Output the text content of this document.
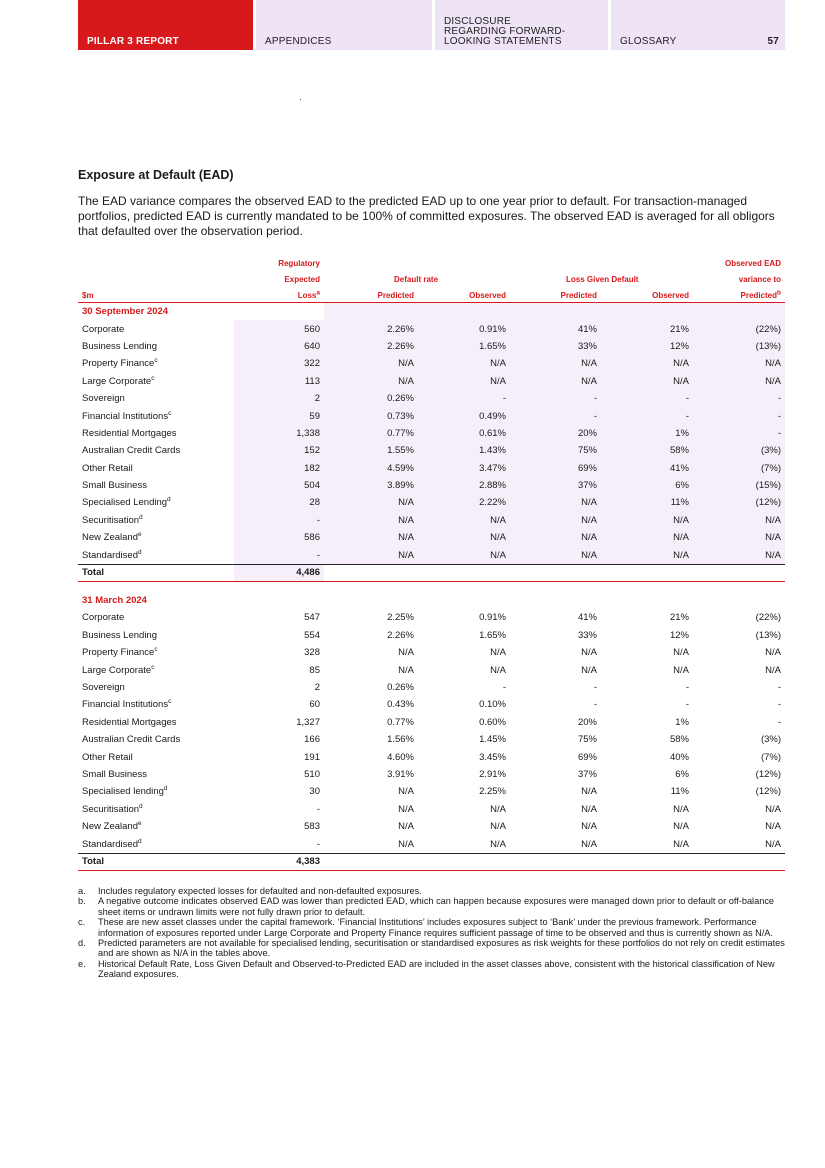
PILLAR 3 REPORT	APPENDICES
DISCLOSURE
REGARDING FORWARD-
LOOKING STATEMENTS	GLOSSARY	57
Exposure at Default (EAD)

The EAD variance compares the observed EAD to the predicted EAD up to one year prior to default. For transaction-managed portfolios, predicted EAD is currently mandated to be 100% of committed exposures. The observed EAD is averaged for all obligors that defaulted over the observation period.

	Regulatory					Observed EAD
	Expected	Default rate		Loss Given Default		variance to
$m	Loss$^a$	Predicted	Observed	Predicted	Observed	Predicted$^b$
30 September 2024						
Corporate	560	2.26%	0.91%	41%	21%	(22%)
Business Lending	640	2.26%	1.65%	33%	12%	(13%)
Property Finance$^c$	322	N/A	N/A	N/A	N/A	N/A
Large Corporate$^c$	113	N/A	N/A	N/A	N/A	N/A
Sovereign	2	0.26%	-	-	-	-
Financial Institutions$^c$	59	0.73%	0.49%	-	-	-
Residential Mortgages	1,338	0.77%	0.61%	20%	1%	-
Australian Credit Cards	152	1.55%	1.43%	75%	58%	(3%)
Other Retail	182	4.59%	3.47%	69%	41%	(7%)
Small Business	504	3.89%	2.88%	37%	6%	(15%)
Specialised Lending$^d$	28	N/A	2.22%	N/A	11%	(12%)
Securitisation$^d$	-	N/A	N/A	N/A	N/A	N/A
New Zealand$^e$	586	N/A	N/A	N/A	N/A	N/A
Standardised$^d$	-	N/A	N/A	N/A	N/A	N/A
Total	4,486					

31 March 2024						
Corporate	547	2.25%	0.91%	41%	21%	(22%)
Business Lending	554	2.26%	1.65%	33%	12%	(13%)
Property Finance$^c$	328	N/A	N/A	N/A	N/A	N/A
Large Corporate$^c$	85	N/A	N/A	N/A	N/A	N/A
Sovereign	2	0.26%	-	-	-	-
Financial Institutions$^c$	60	0.43%	0.10%	-	-	-
Residential Mortgages	1,327	0.77%	0.60%	20%	1%	-
Australian Credit Cards	166	1.56%	1.45%	75%	58%	(3%)
Other Retail	191	4.60%	3.45%	69%	40%	(7%)
Small Business	510	3.91%	2.91%	37%	6%	(12%)
Specialised lending$^d$	30	N/A	2.25%	N/A	11%	(12%)
Securitisation$^d$	-	N/A	N/A	N/A	N/A	N/A
New Zealand$^e$	583	N/A	N/A	N/A	N/A	N/A
Standardised$^d$	-	N/A	N/A	N/A	N/A	N/A
Total	4,383					
a.	Includes regulatory expected losses for defaulted and non-defaulted exposures.
b.	A negative outcome indicates observed EAD was lower than predicted EAD, which can happen because exposures were managed down prior to default or off-balance sheet items or undrawn limits were not fully drawn prior to default.
c.	These are new asset classes under the capital framework. ‘Financial Institutions’ includes exposures subject to ‘Bank’ under the previous framework. Performance information of exposures reported under Large Corporate and Property Finance requires sufficient passage of time to be observed and thus is currently shown as N/A.
d.	Predicted parameters are not available for specialised lending, securitisation or standardised exposures as risk weights for these portfolios do not rely on credit estimates and are shown as N/A in the tables above.
e.	Historical Default Rate, Loss Given Default and Observed-to-Predicted EAD are included in the asset classes above, consistent with the historical classification of New Zealand exposures.
